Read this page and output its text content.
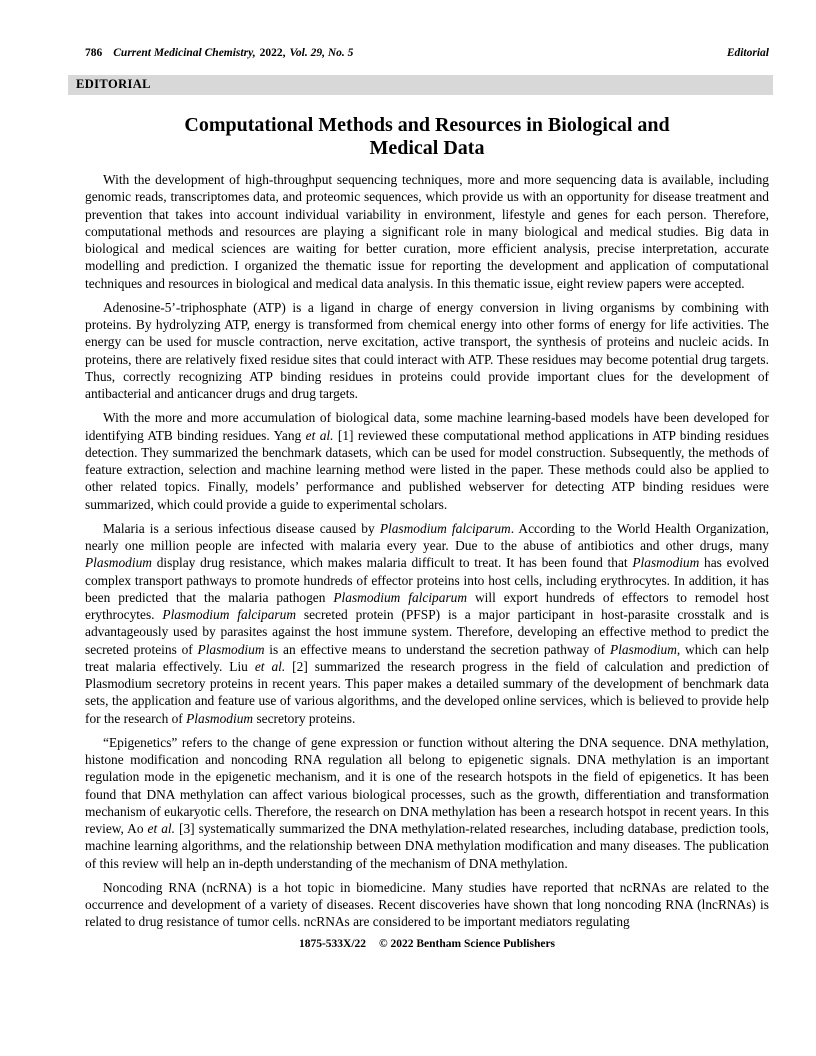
786 Current Medicinal Chemistry, 2022, Vol. 29, No. 5	Editorial
EDITORIAL
Computational Methods and Resources in Biological and
Medical Data

With the development of high-throughput sequencing techniques, more and more sequencing data is available, including genomic reads, transcriptomes data, and proteomic sequences, which provide us with an opportunity for disease treatment and prevention that takes into account individual variability in environment, lifestyle and genes for each person. Therefore, computational methods and resources are playing a significant role in many biological and medical studies. Big data in biological and medical sciences are waiting for better curation, more efficient analysis, precise interpretation, accurate modelling and prediction. I organized the thematic issue for reporting the development and application of computational techniques and resources in biological and medical data analysis. In this thematic issue, eight review papers were accepted.

Adenosine-5’-triphosphate (ATP) is a ligand in charge of energy conversion in living organisms by combining with proteins. By hydrolyzing ATP, energy is transformed from chemical energy into other forms of energy for life activities. The energy can be used for muscle contraction, nerve excitation, active transport, the synthesis of proteins and nucleic acids. In proteins, there are relatively fixed residue sites that could interact with ATP. These residues may become potential drug targets. Thus, correctly recognizing ATP binding residues in proteins could provide important clues for the development of antibacterial and anticancer drugs and drug targets.

With the more and more accumulation of biological data, some machine learning-based models have been developed for identifying ATB binding residues. Yang et al. [1] reviewed these computational method applications in ATP binding residues detection. They summarized the benchmark datasets, which can be used for model construction. Subsequently, the methods of feature extraction, selection and machine learning method were listed in the paper. These methods could also be applied to other related topics. Finally, models’ performance and published webserver for detecting ATP binding residues were summarized, which could provide a guide to experimental scholars.

Malaria is a serious infectious disease caused by Plasmodium falciparum. According to the World Health Organization, nearly one million people are infected with malaria every year. Due to the abuse of antibiotics and other drugs, many Plasmodium display drug resistance, which makes malaria difficult to treat. It has been found that Plasmodium has evolved complex transport pathways to promote hundreds of effector proteins into host cells, including erythrocytes. In addition, it has been predicted that the malaria pathogen Plasmodium falciparum will export hundreds of effectors to remodel host erythrocytes. Plasmodium falciparum secreted protein (PFSP) is a major participant in host-parasite crosstalk and is advantageously used by parasites against the host immune system. Therefore, developing an effective method to predict the secreted proteins of Plasmodium is an effective means to understand the secretion pathway of Plasmodium, which can help treat malaria effectively. Liu et al. [2] summarized the research progress in the field of calculation and prediction of Plasmodium secretory proteins in recent years. This paper makes a detailed summary of the development of benchmark data sets, the application and feature use of various algorithms, and the developed online services, which is believed to provide help for the research of Plasmodium secretory proteins.

“Epigenetics” refers to the change of gene expression or function without altering the DNA sequence. DNA methylation, histone modification and noncoding RNA regulation all belong to epigenetic signals. DNA methylation is an important regulation mode in the epigenetic mechanism, and it is one of the research hotspots in the field of epigenetics. It has been found that DNA methylation can affect various biological processes, such as the growth, differentiation and transformation mechanism of eukaryotic cells. Therefore, the research on DNA methylation has been a research hotspot in recent years. In this review, Ao et al. [3] systematically summarized the DNA methylation-related researches, including database, prediction tools, machine learning algorithms, and the relationship between DNA methylation modification and many diseases. The publication of this review will help an in-depth understanding of the mechanism of DNA methylation.

Noncoding RNA (ncRNA) is a hot topic in biomedicine. Many studies have reported that ncRNAs are related to the occurrence and development of a variety of diseases. Recent discoveries have shown that long noncoding RNA (lncRNAs) is related to drug resistance of tumor cells. ncRNAs are considered to be important mediators regulating

1875-533X/22 © 2022 Bentham Science Publishers
